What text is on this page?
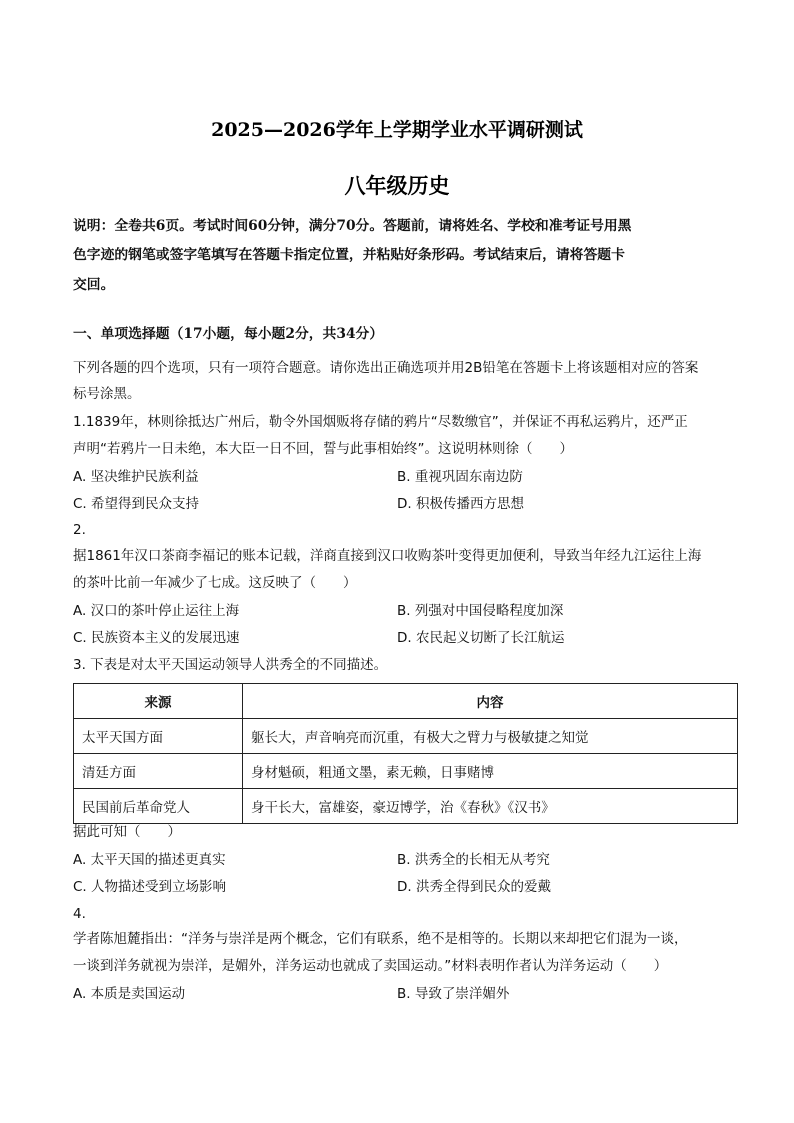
2025—2026学年上学期学业水平调研测试
八年级历史
说明：全卷共6页。考试时间60分钟，满分70分。答题前，请将姓名、学校和准考证号用黑
色字迹的钢笔或签字笔填写在答题卡指定位置，并粘贴好条形码。考试结束后，请将答题卡
交回。
一、单项选择题（17小题，每小题2分，共34分）
下列各题的四个选项，只有一项符合题意。请你选出正确选项并用2B铅笔在答题卡上将该题相对应的答案
标号涂黑。
1.1839年，林则徐抵达广州后，勒令外国烟贩将存储的鸦片“尽数缴官”，并保证不再私运鸦片，还严正
声明“若鸦片一日未绝，本大臣一日不回，誓与此事相始终”。这说明林则徐（　　）
A. 坚决维护民族利益	B. 重视巩固东南边防
C. 希望得到民众支持	D. 积极传播西方思想
2.
据1861年汉口茶商李福记的账本记载，洋商直接到汉口收购茶叶变得更加便利，导致当年经九江运往上海
的茶叶比前一年减少了七成。这反映了（　　）
A. 汉口的茶叶停止运往上海	B. 列强对中国侵略程度加深
C. 民族资本主义的发展迅速	D. 农民起义切断了长江航运
3. 下表是对太平天国运动领导人洪秀全的不同描述。
来源	内容
太平天国方面	躯长大，声音响亮而沉重，有极大之臂力与极敏捷之知觉
清廷方面	身材魁硕，粗通文墨，素无赖，日事赌博
民国前后革命党人	身干长大，富雄姿，豪迈博学，治《春秋》《汉书》
据此可知（　　）
A. 太平天国的描述更真实	B. 洪秀全的长相无从考究
C. 人物描述受到立场影响	D. 洪秀全得到民众的爱戴
4.
学者陈旭麓指出：“洋务与崇洋是两个概念，它们有联系，绝不是相等的。长期以来却把它们混为一谈，
一谈到洋务就视为崇洋，是媚外，洋务运动也就成了卖国运动。”材料表明作者认为洋务运动（　　）
A. 本质是卖国运动	B. 导致了崇洋媚外
